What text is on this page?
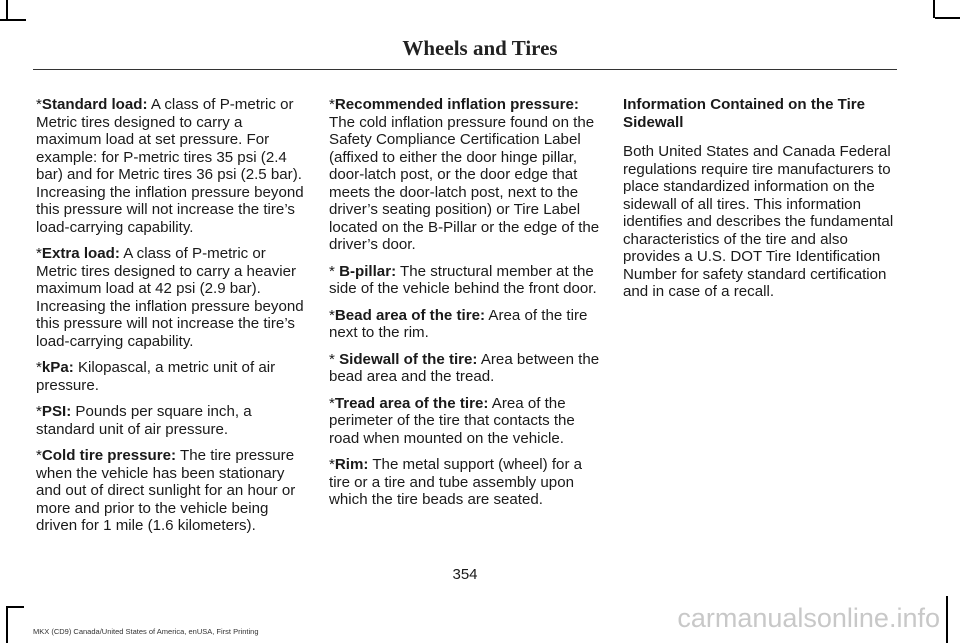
Wheels and Tires

*Standard load: A class of P-metric or Metric tires designed to carry a maximum load at set pressure. For example: for P-metric tires 35 psi (2.4 bar) and for Metric tires 36 psi (2.5 bar). Increasing the inflation pressure beyond this pressure will not increase the tire’s load-carrying capability.

*Extra load: A class of P-metric or Metric tires designed to carry a heavier maximum load at 42 psi (2.9 bar). Increasing the inflation pressure beyond this pressure will not increase the tire’s load-carrying capability.

*kPa: Kilopascal, a metric unit of air pressure.

*PSI: Pounds per square inch, a standard unit of air pressure.

*Cold tire pressure: The tire pressure when the vehicle has been stationary and out of direct sunlight for an hour or more and prior to the vehicle being driven for 1 mile (1.6 kilometers).

*Recommended inflation pressure: The cold inflation pressure found on the Safety Compliance Certification Label (affixed to either the door hinge pillar, door-latch post, or the door edge that meets the door-latch post, next to the driver’s seating position) or Tire Label located on the B-Pillar or the edge of the driver’s door.

* B-pillar: The structural member at the side of the vehicle behind the front door.

*Bead area of the tire: Area of the tire next to the rim.

* Sidewall of the tire: Area between the bead area and the tread.

*Tread area of the tire: Area of the perimeter of the tire that contacts the road when mounted on the vehicle.

*Rim: The metal support (wheel) for a tire or a tire and tube assembly upon which the tire beads are seated.

Information Contained on the Tire Sidewall

Both United States and Canada Federal regulations require tire manufacturers to place standardized information on the sidewall of all tires. This information identifies and describes the fundamental characteristics of the tire and also provides a U.S. DOT Tire Identification Number for safety standard certification and in case of a recall.

354
MKX (CD9) Canada/United States of America, enUSA, First Printing	carmanualsonline.info
